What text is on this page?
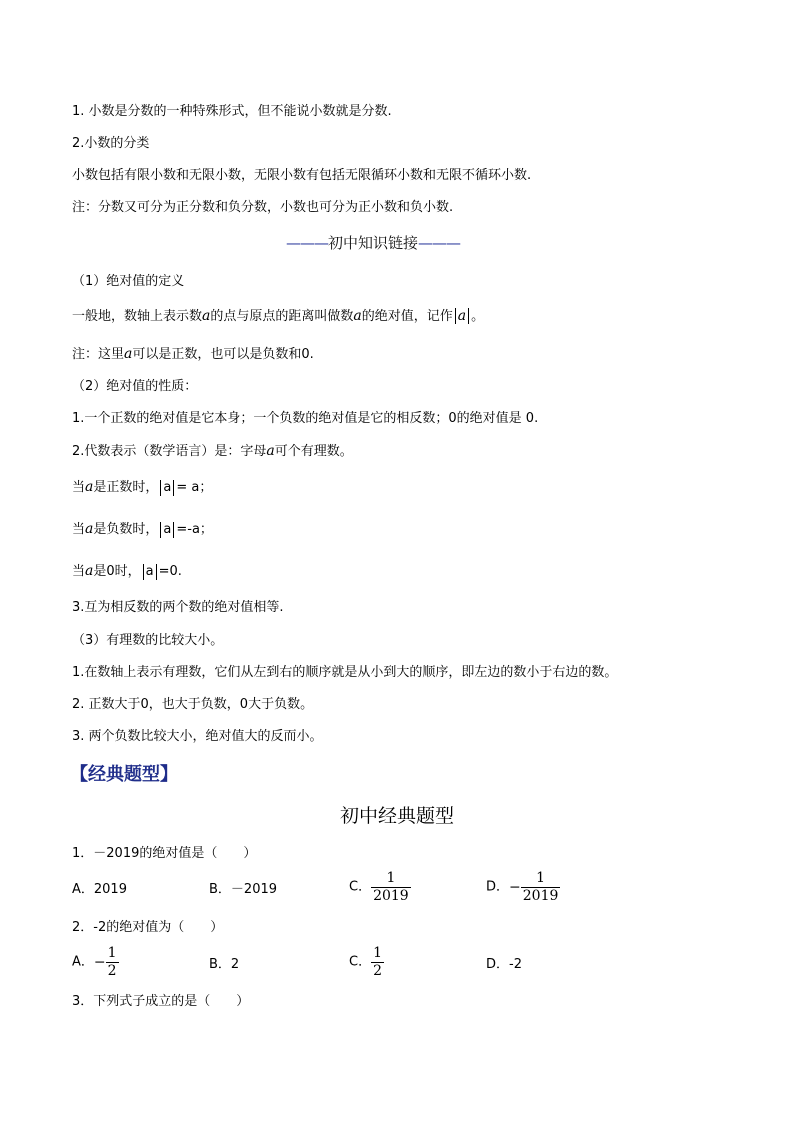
1. 小数是分数的一种特殊形式，但不能说小数就是分数.
2.小数的分类
小数包括有限小数和无限小数，无限小数有包括无限循环小数和无限不循环小数.
注：分数又可分为正分数和负分数，小数也可分为正小数和负小数.
———初中知识链接———
（1）绝对值的定义
一般地，数轴上表示数a的点与原点的距离叫做数a的绝对值，记作 a 。
注：这里a可以是正数，也可以是负数和0.
（2）绝对值的性质：
1.一个正数的绝对值是它本身；一个负数的绝对值是它的相反数；0的绝对值是 0.
2.代数表示（数学语言）是：字母a可个有理数。
当a是正数时， a = a；
当a是负数时， a =-a；
当a是0时， a =0.
3.互为相反数的两个数的绝对值相等.
（3）有理数的比较大小。
1.在数轴上表示有理数，它们从左到右的顺序就是从小到大的顺序，即左边的数小于右边的数。
2. 正数大于0，也大于负数，0大于负数。
3. 两个负数比较大小，绝对值大的反而小。
【经典题型】
初中经典题型
1．－2019的绝对值是（　　）
A．2019	B．－2019	C． $\frac{1}{2019}$	D．− $\frac{1}{2019}$
2．-2的绝对值为（　　）
A．− $\frac{1}{2}$	B．2	C． $\frac{1}{2}$	D．-2
3．下列式子成立的是（　　）
